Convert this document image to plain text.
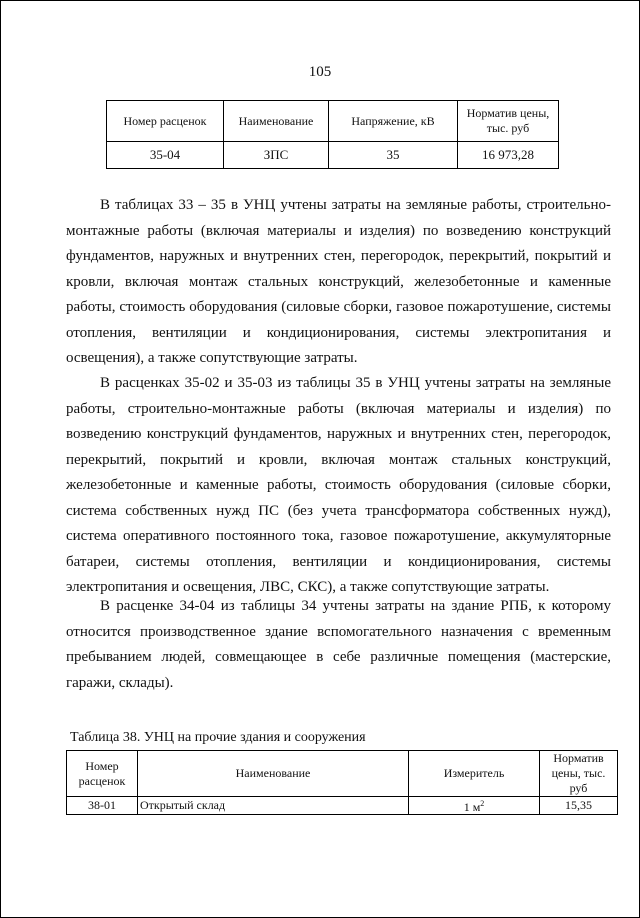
105
Номер расценок	Наименование	Напряжение, кВ	Норматив цены, тыс. руб
35-04	ЗПС	35	16 973,28

В таблицах 33 – 35 в УНЦ учтены затраты на земляные работы, строительно-монтажные работы (включая материалы и изделия) по возведению конструкций фундаментов, наружных и внутренних стен, перегородок, перекрытий, покрытий и кровли, включая монтаж стальных конструкций, железобетонные и каменные работы, стоимость оборудования (силовые сборки, газовое пожаротушение, системы отопления, вентиляции и кондиционирования, системы электропитания и освещения), а также сопутствующие затраты.

В расценках 35-02 и 35-03 из таблицы 35 в УНЦ учтены затраты на земляные работы, строительно-монтажные работы (включая материалы и изделия) по возведению конструкций фундаментов, наружных и внутренних стен, перегородок, перекрытий, покрытий и кровли, включая монтаж стальных конструкций, железобетонные и каменные работы, стоимость оборудования (силовые сборки, система собственных нужд ПС (без учета трансформатора собственных нужд), система оперативного постоянного тока, газовое пожаротушение, аккумуляторные батареи, системы отопления, вентиляции и кондиционирования, системы электропитания и освещения, ЛВС, СКС), а также сопутствующие затраты.

В расценке 34-04 из таблицы 34 учтены затраты на здание РПБ, к которому относится производственное здание вспомогательного назначения с временным пребыванием людей, совмещающее в себе различные помещения (мастерские, гаражи, склады).

Таблица 38. УНЦ на прочие здания и сооружения
Номер расценок	Наименование	Измеритель	Норматив цены, тыс. руб
38-01	Открытый склад	1 $м^2$	15,35
